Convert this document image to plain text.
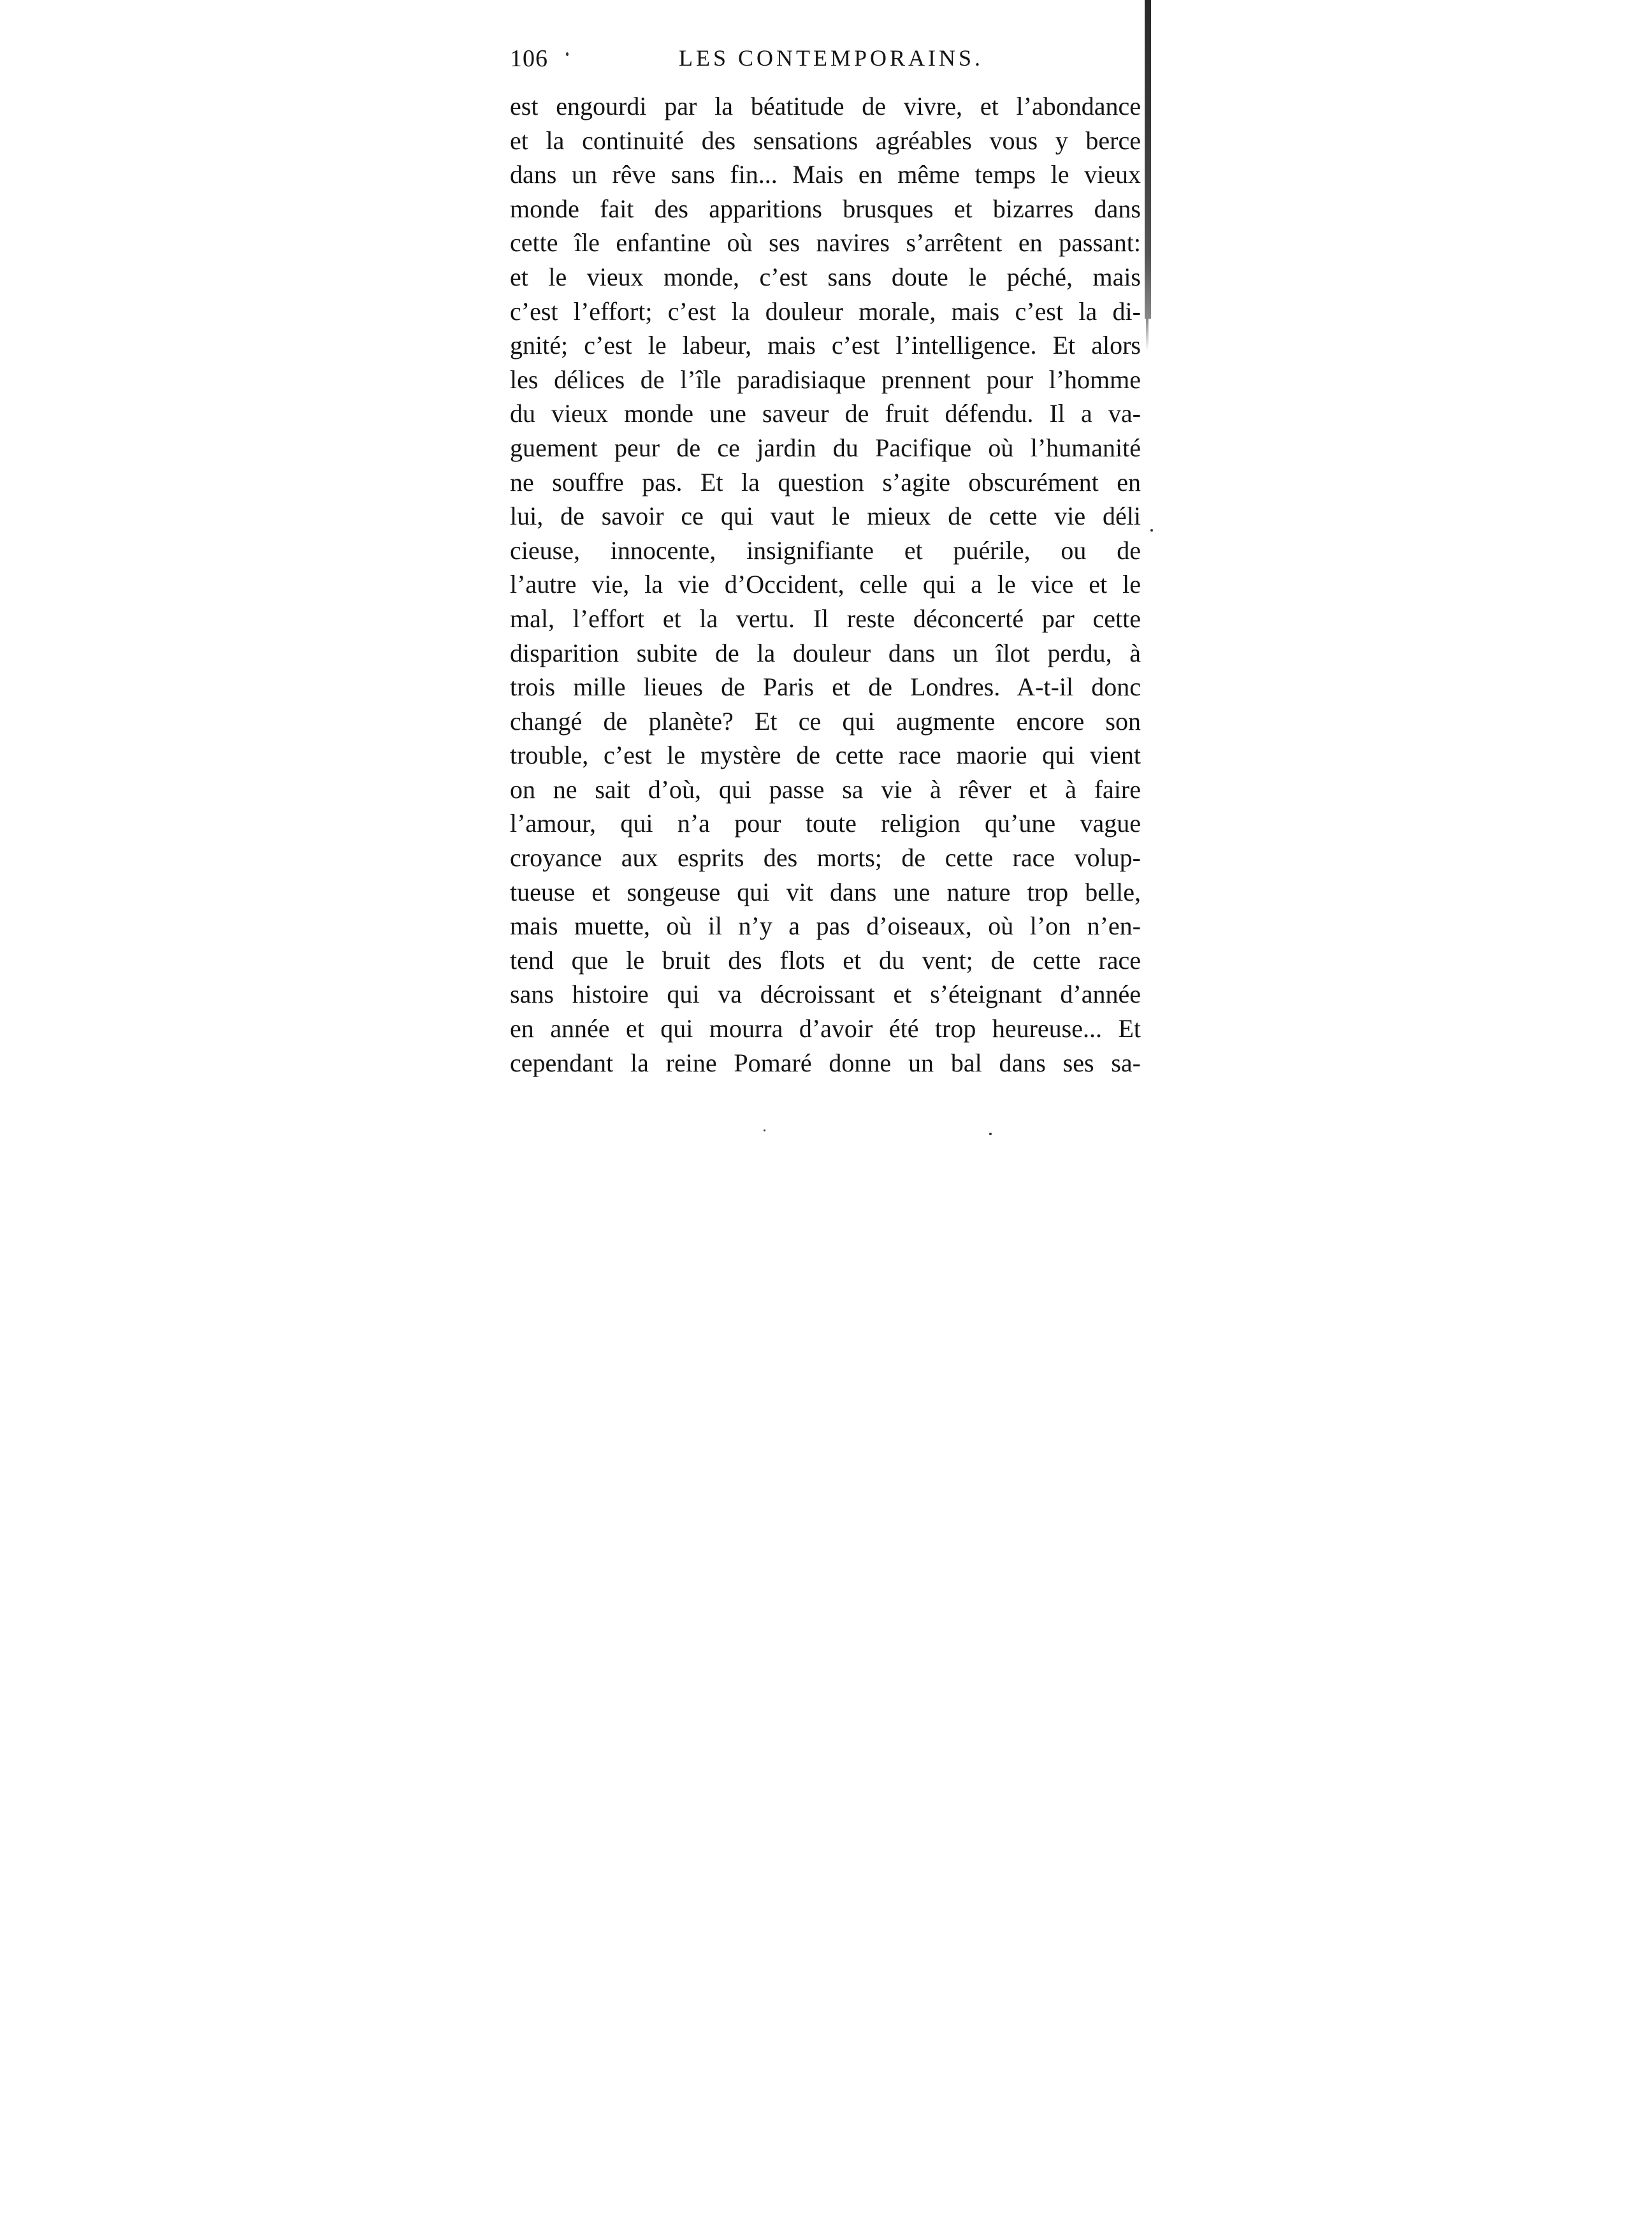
106	LES CONTEMPORAINS.
est engourdi par la béatitude de vivre, et l’abondance
et la continuité des sensations agréables vous y berce
dans un rêve sans fin... Mais en même temps le vieux
monde fait des apparitions brusques et bizarres dans
cette île enfantine où ses navires s’arrêtent en passant:
et le vieux monde, c’est sans doute le péché, mais
c’est l’effort; c’est la douleur morale, mais c’est la di-
gnité; c’est le labeur, mais c’est l’intelligence. Et alors
les délices de l’île paradisiaque prennent pour l’homme
du vieux monde une saveur de fruit défendu. Il a va-
guement peur de ce jardin du Pacifique où l’humanité
ne souffre pas. Et la question s’agite obscurément en
lui, de savoir ce qui vaut le mieux de cette vie déli
cieuse, innocente, insignifiante et puérile, ou de
l’autre vie, la vie d’Occident, celle qui a le vice et le
mal, l’effort et la vertu. Il reste déconcerté par cette
disparition subite de la douleur dans un îlot perdu, à
trois mille lieues de Paris et de Londres. A-t-il donc
changé de planète? Et ce qui augmente encore son
trouble, c’est le mystère de cette race maorie qui vient
on ne sait d’où, qui passe sa vie à rêver et à faire
l’amour, qui n’a pour toute religion qu’une vague
croyance aux esprits des morts; de cette race volup-
tueuse et songeuse qui vit dans une nature trop belle,
mais muette, où il n’y a pas d’oiseaux, où l’on n’en-
tend que le bruit des flots et du vent; de cette race
sans histoire qui va décroissant et s’éteignant d’année
en année et qui mourra d’avoir été trop heureuse... Et
cependant la reine Pomaré donne un bal dans ses sa-
